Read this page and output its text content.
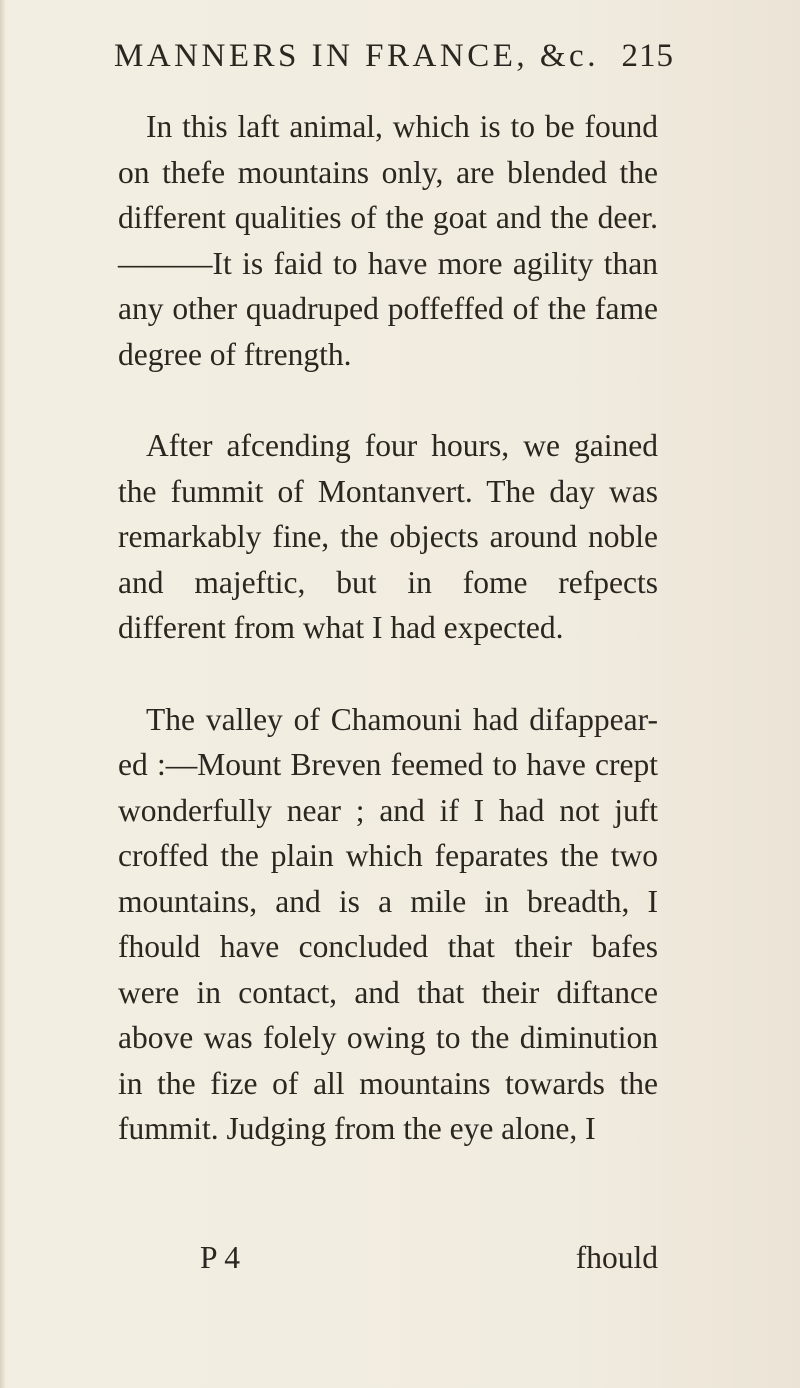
MANNERS IN FRANCE, &c. 215

In this laft animal, which is to be found on thefe mountains only, are blended the different qualities of the goat and the deer.———It is faid to have more agility than any other quadruped poffeffed of the fame degree of ftrength.

After afcending four hours, we gained the fummit of Montanvert. The day was remarkably fine, the objects around noble and majeftic, but in fome refpects different from what I had expected.

The valley of Chamouni had difappear-ed :—Mount Breven feemed to have crept wonderfully near ; and if I had not juft croffed the plain which feparates the two mountains, and is a mile in breadth, I fhould have concluded that their bafes were in contact, and that their diftance above was folely owing to the diminution in the fize of all mountains towards the fummit. Judging from the eye alone, I

P 4	fhould
